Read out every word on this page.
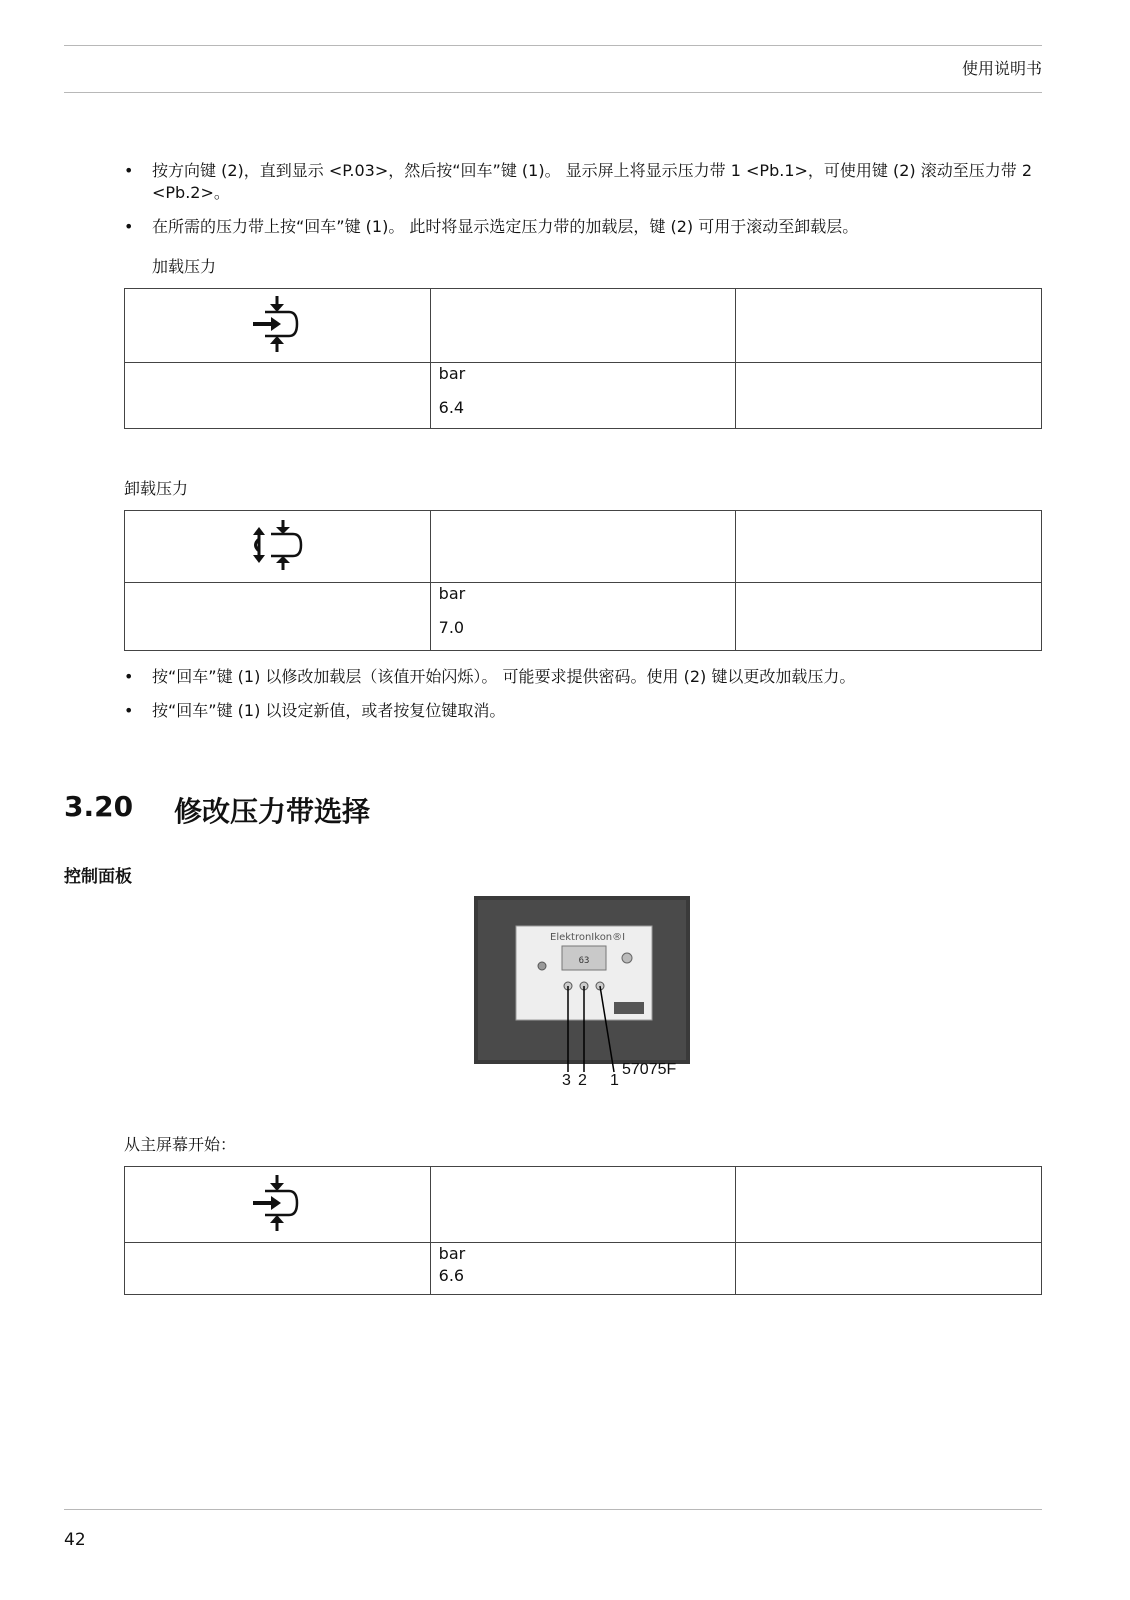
使用说明书
• 按方向键 (2)，直到显示 <P.03>，然后按“回车”键 (1)。 显示屏上将显示压力带 1 <Pb.1>，可使用键 (2) 滚动至压力带 2 <Pb.2>。
• 在所需的压力带上按“回车”键 (1)。 此时将显示选定压力带的加载层，键 (2) 可用于滚动至卸载层。
加载压力

	bar
6.4	

卸载压力

	bar
7.0	

• 按“回车”键 (1) 以修改加载层（该值开始闪烁）。 可能要求提供密码。使用 (2) 键以更改加载压力。
• 按“回车”键 (1) 以设定新值，或者按复位键取消。
3.20 修改压力带选择
控制面板
ElektronIkon®I
63
3 2 1
57075F
从主屏幕开始：

	bar
6.6	

42
